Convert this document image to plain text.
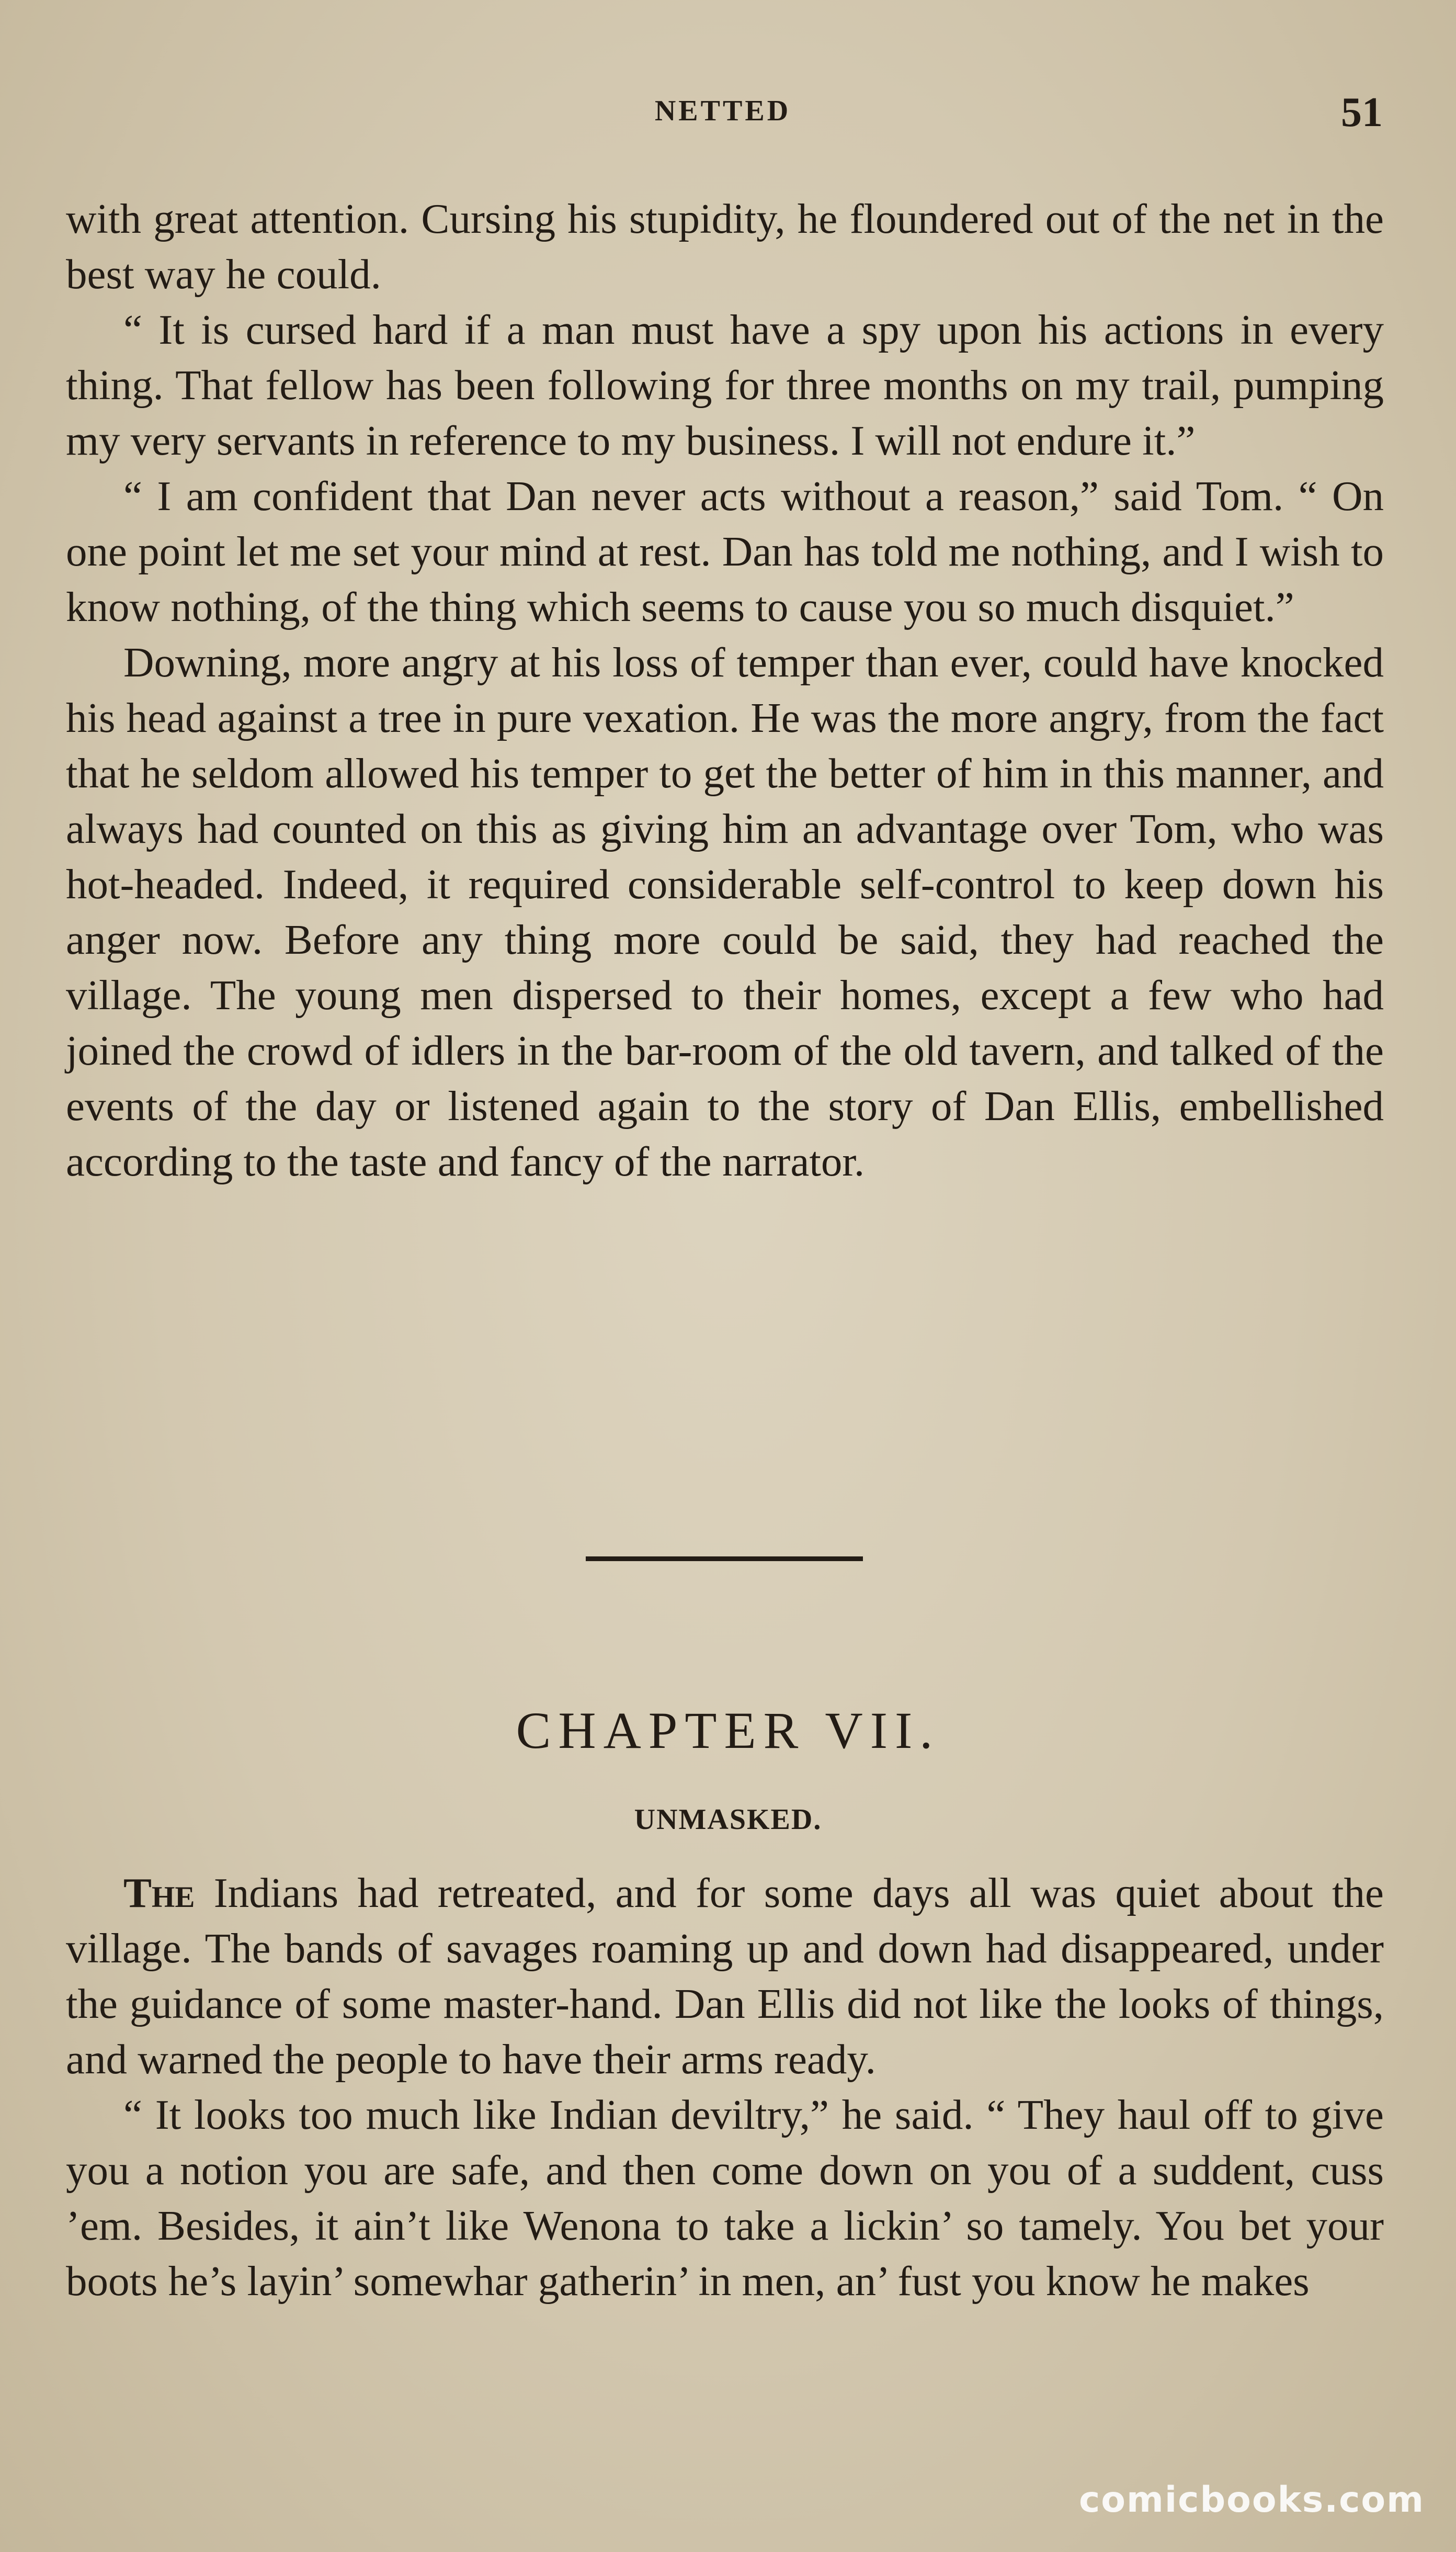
NETTED	51

with great attention. Cursing his stupidity, he floundered out of the net in the best way he could.

“ It is cursed hard if a man must have a spy upon his actions in every thing. That fellow has been following for three months on my trail, pumping my very servants in reference to my business. I will not endure it.”

“ I am confident that Dan never acts without a reason,” said Tom. “ On one point let me set your mind at rest. Dan has told me nothing, and I wish to know nothing, of the thing which seems to cause you so much disquiet.”

Downing, more angry at his loss of temper than ever, could have knocked his head against a tree in pure vexation. He was the more angry, from the fact that he seldom allowed his temper to get the better of him in this manner, and always had counted on this as giving him an advantage over Tom, who was hot-headed. Indeed, it required considerable self-control to keep down his anger now. Before any thing more could be said, they had reached the village. The young men dispersed to their homes, except a few who had joined the crowd of idlers in the bar-room of the old tavern, and talked of the events of the day or listened again to the story of Dan Ellis, embellished according to the taste and fancy of the narrator.

CHAPTER VII.
UNMASKED.

The Indians had retreated, and for some days all was quiet about the village. The bands of savages roaming up and down had disappeared, under the guidance of some master-hand. Dan Ellis did not like the looks of things, and warned the people to have their arms ready.

“ It looks too much like Indian deviltry,” he said. “ They haul off to give you a notion you are safe, and then come down on you of a suddent, cuss ’em. Besides, it ain’t like Wenona to take a lickin’ so tamely. You bet your boots he’s layin’ somewhar gatherin’ in men, an’ fust you know he makes

comicbooks.com
